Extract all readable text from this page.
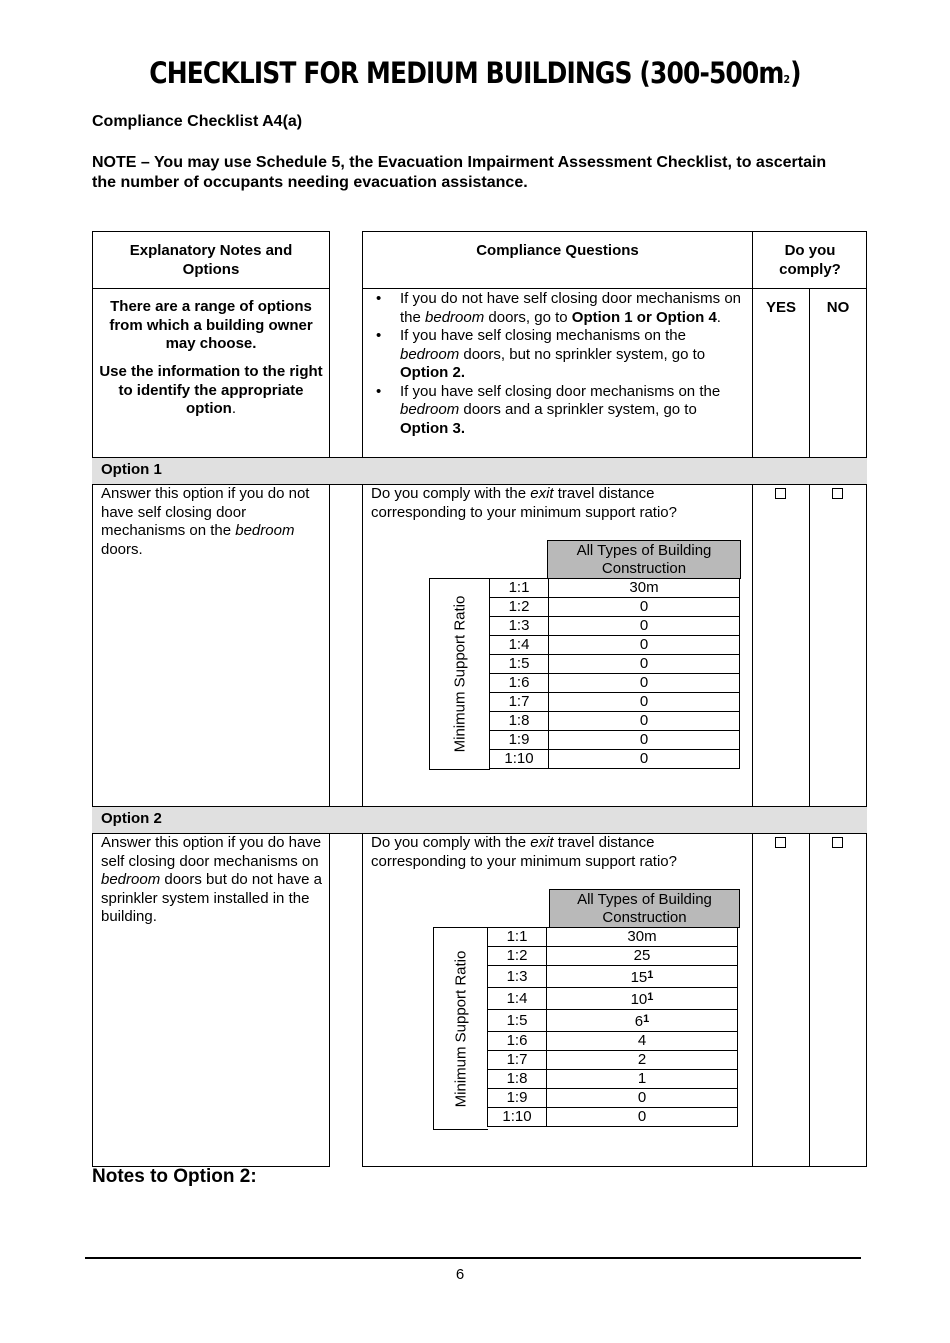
CHECKLIST FOR MEDIUM BUILDINGS (300-500m2)
Compliance Checklist A4(a)
NOTE – You may use Schedule 5, the Evacuation Impairment Assessment Checklist, to ascertain the number of occupants needing evacuation assistance.
Explanatory Notes and Options
Compliance Questions	Do you comply?
There are a range of options from which a building owner may choose.
Use the information to the right to identify the appropriate option.
• If you do not have self closing door mechanisms on the bedroom doors, go to Option 1 or Option 4.
• If you have self closing mechanisms on the bedroom doors, but no sprinkler system, go to Option 2.
• If you have self closing door mechanisms on the bedroom doors and a sprinkler system, go to Option 3.
YES	NO
Option 1
Answer this option if you do not have self closing door mechanisms on the bedroom doors.
Do you comply with the exit travel distance corresponding to your minimum support ratio?
All Types of Building Construction
Minimum Support Ratio
1:1	30m
1:2	0
1:3	0
1:4	0
1:5	0
1:6	0
1:7	0
1:8	0
1:9	0
1:10	0
Option 2
Answer this option if you do have self closing door mechanisms on bedroom doors but do not have a sprinkler system installed in the building.
Do you comply with the exit travel distance corresponding to your minimum support ratio?
All Types of Building Construction
Minimum Support Ratio
1:1	30m
1:2	25
1:3	15$^1$
1:4	10$^1$
1:5	6$^1$
1:6	4
1:7	2
1:8	1
1:9	0
1:10	0
Notes to Option 2:
6
